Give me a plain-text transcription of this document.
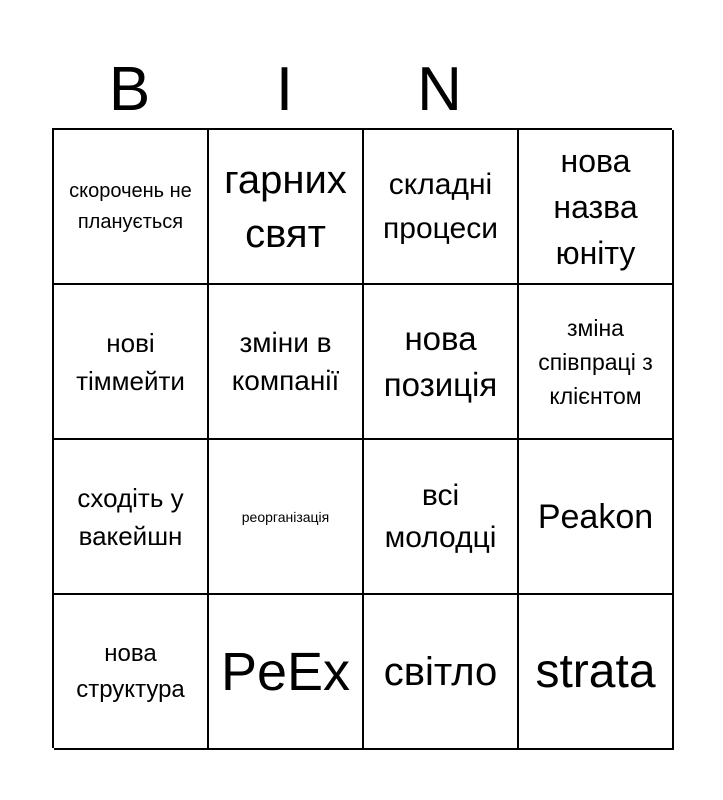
B	I	N
скорочень не планується
гарних свят
складні процеси
нова назва юніту
нові тіммейти
зміни в компанії
нова позиція
зміна співпраці з клієнтом
сходіть у вакейшн
реорганізація
всі молодці
Peakon
нова структура PeEx світло strata
